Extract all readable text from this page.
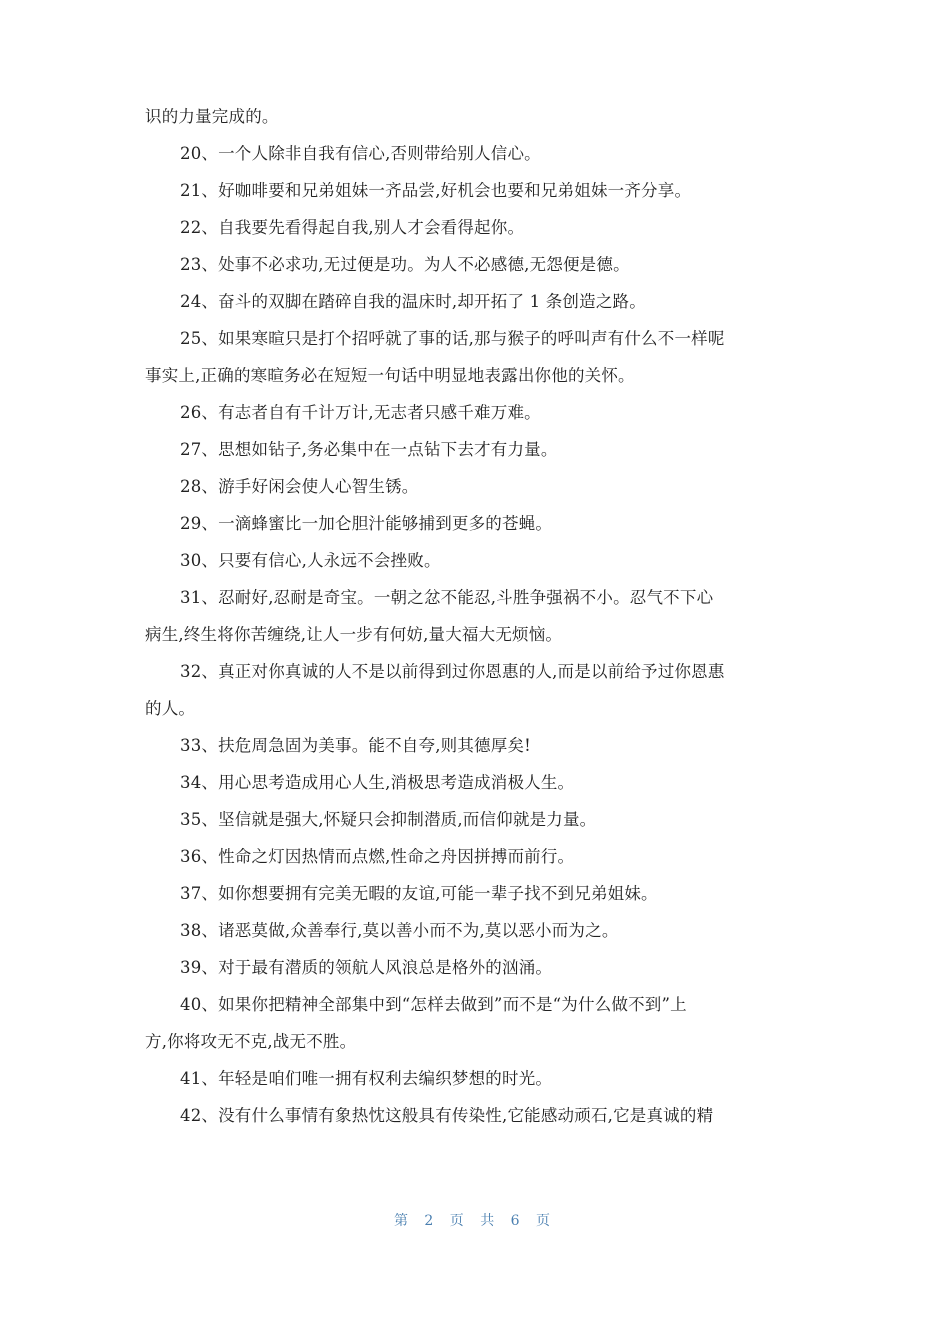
识的力量完成的。
20、一个人除非自我有信心,否则带给别人信心。
21、好咖啡要和兄弟姐妹一齐品尝,好机会也要和兄弟姐妹一齐分享。
22、自我要先看得起自我,别人才会看得起你。
23、处事不必求功,无过便是功。为人不必感德,无怨便是德。
24、奋斗的双脚在踏碎自我的温床时,却开拓了 1 条创造之路。
25、如果寒暄只是打个招呼就了事的话,那与猴子的呼叫声有什么不一样呢
事实上,正确的寒暄务必在短短一句话中明显地表露出你他的关怀。
26、有志者自有千计万计,无志者只感千难万难。
27、思想如钻子,务必集中在一点钻下去才有力量。
28、游手好闲会使人心智生锈。
29、一滴蜂蜜比一加仑胆汁能够捕到更多的苍蝇。
30、只要有信心,人永远不会挫败。
31、忍耐好,忍耐是奇宝。一朝之忿不能忍,斗胜争强祸不小。忍气不下心
病生,终生将你苦缠绕,让人一步有何妨,量大福大无烦恼。
32、真正对你真诚的人不是以前得到过你恩惠的人,而是以前给予过你恩惠
的人。
33、扶危周急固为美事。能不自夸,则其德厚矣!
34、用心思考造成用心人生,消极思考造成消极人生。
35、坚信就是强大,怀疑只会抑制潜质,而信仰就是力量。
36、性命之灯因热情而点燃,性命之舟因拼搏而前行。
37、如你想要拥有完美无暇的友谊,可能一辈子找不到兄弟姐妹。
38、诸恶莫做,众善奉行,莫以善小而不为,莫以恶小而为之。
39、对于最有潜质的领航人风浪总是格外的汹涌。
40、如果你把精神全部集中到“怎样去做到”而不是“为什么做不到”上
方,你将攻无不克,战无不胜。
41、年轻是咱们唯一拥有权利去编织梦想的时光。
42、没有什么事情有象热忱这般具有传染性,它能感动顽石,它是真诚的精
第 2 页 共 6 页
